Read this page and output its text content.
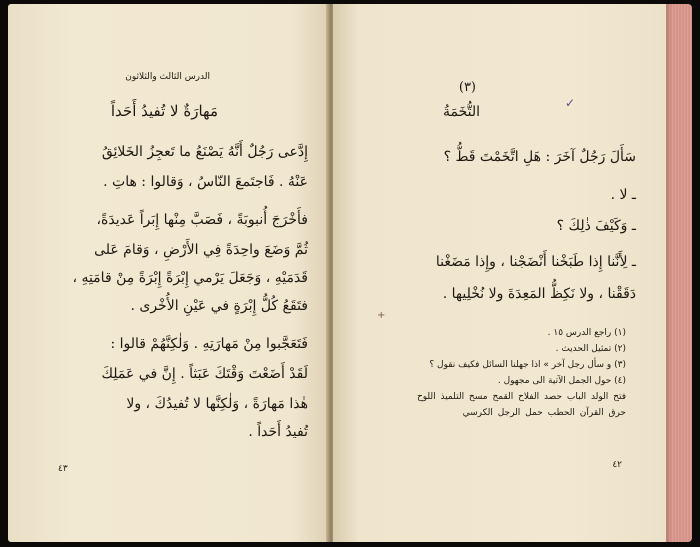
الدرس الثالث والثلاثون
مَهارَةٌ لا تُفيدُ أَحَداً
إِدَّعى رَجُلٌ أَنَّهُ يَصْنَعُ ما تَعجِزُ الخَلائِقُ
عَنْهُ . فَاجتَمعَ النّاسُ ، وَقالوا : هاتِ .
فأَخْرَجَ أُنبوبَةً ، فَصَبَّ مِنْها إِبَراً عَديدَةً،
ثُمَّ وَضَعَ واحِدَةً فِي الأَرْضِ ، وَقامَ عَلى
قَدَمَيْهِ ، وَجَعَلَ يَرْمي إِبْرَةً إِبْرَةً مِنْ قامَتِهِ ،
فتَقَعُ كُلُّ إِبْرَةٍ في عَيْنِ الأُخْرى .
فَتَعَجَّبوا مِنْ مَهارَتِهِ . وَلٰكِنَّهُمْ قالوا :
لَقَدْ أَضَعْتَ وَقْتَكَ عَبَثاً . إِنَّ في عَمَلِكَ
هٰذا مَهارَةً ، وَلٰكِنَّها لا تُفيدُكَ ، ولا
تُفيدُ أَحَداً .
٤٣
✓
(٣)
التُّخَمَةُ
سَأَلَ رَجُلٌ آخَرَ : هَلِ اتَّخَمْتَ قَطُّ ؟
ـ لا .
ـ وَكَيْفَ ذٰلِكَ ؟
ـ لِأَنَّنا إِذا طَبَخْنا أَنْضَجْنا ، وإِذا مَضَغْنا
دَقَقْنا ، ولا نَكِظُّ المَعِدَةَ ولا نُخْلِيها .
+
(١) راجع الدرس ١٥ .
(٢) تمثيل الحديث .
(٣) و سأل رجل آخر » اذا جهلنا السائل فكيف نقول ؟
(٤) حول الجمل الآتية الى مجهول .
فتح الولد الباب حصد الفلاح القمح مسح التلميذ اللوح
حرق القرآن الحطب حمل الرجل الكرسي
٤٢
